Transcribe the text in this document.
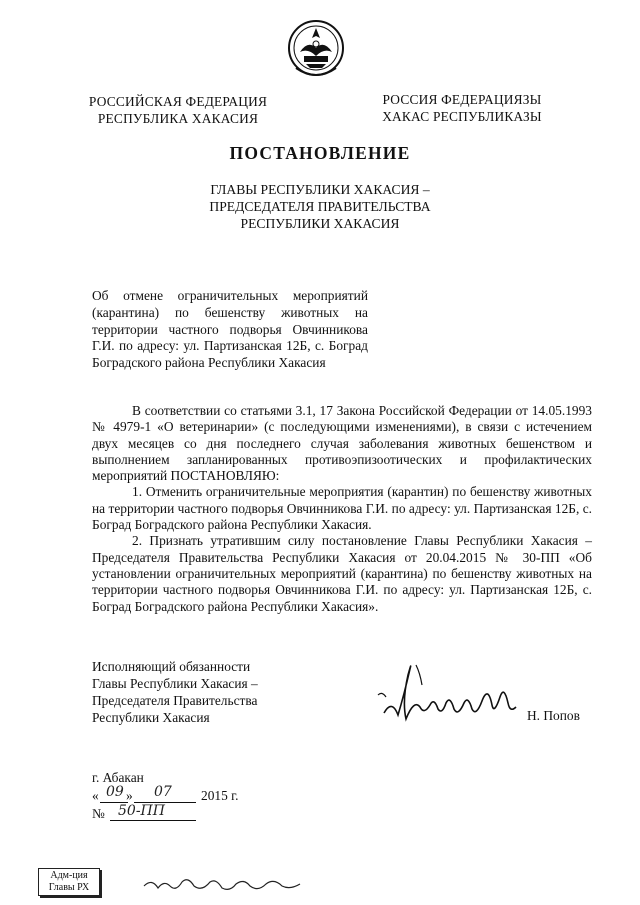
РОССИЙСКАЯ ФЕДЕРАЦИЯ
РЕСПУБЛИКА ХАКАСИЯ
РОССИЯ ФЕДЕРАЦИЯЗЫ
ХАКАС РЕСПУБЛИКАЗЫ
ПОСТАНОВЛЕНИЕ
ГЛАВЫ РЕСПУБЛИКИ ХАКАСИЯ –
ПРЕДСЕДАТЕЛЯ ПРАВИТЕЛЬСТВА
РЕСПУБЛИКИ ХАКАСИЯ
Об отмене ограничительных мероприятий (карантина) по бешенству животных на территории частного подворья Овчинникова Г.И. по адресу: ул. Партизанская 12Б, с. Боград Боградского района Республики Хакасия

В соответствии со статьями 3.1, 17 Закона Российской Федерации от 14.05.1993 № 4979-1 «О ветеринарии» (с последующими изменениями), в связи с истечением двух месяцев со дня последнего случая заболевания животных бешенством и выполнением запланированных противоэпизоотических и профилактических мероприятий ПОСТАНОВЛЯЮ:

1. Отменить ограничительные мероприятия (карантин) по бешенству животных на территории частного подворья Овчинникова Г.И. по адресу: ул. Партизанская 12Б, с. Боград Боградского района Республики Хакасия.

2. Признать утратившим силу постановление Главы Республики Хакасия – Председателя Правительства Республики Хакасия от 20.04.2015 № 30-ПП «Об установлении ограничительных мероприятий (карантина) по бешенству животных на территории частного подворья Овчинникова Г.И. по адресу: ул. Партизанская 12Б, с. Боград Боградского района Республики Хакасия».

Исполняющий обязанности
Главы Республики Хакасия –
Председателя Правительства
Республики Хакасия	Н. Попов
г. Абакан
« 09 » 07 2015 г.
№ 50-ПП
Адм-ция
Главы РХ
